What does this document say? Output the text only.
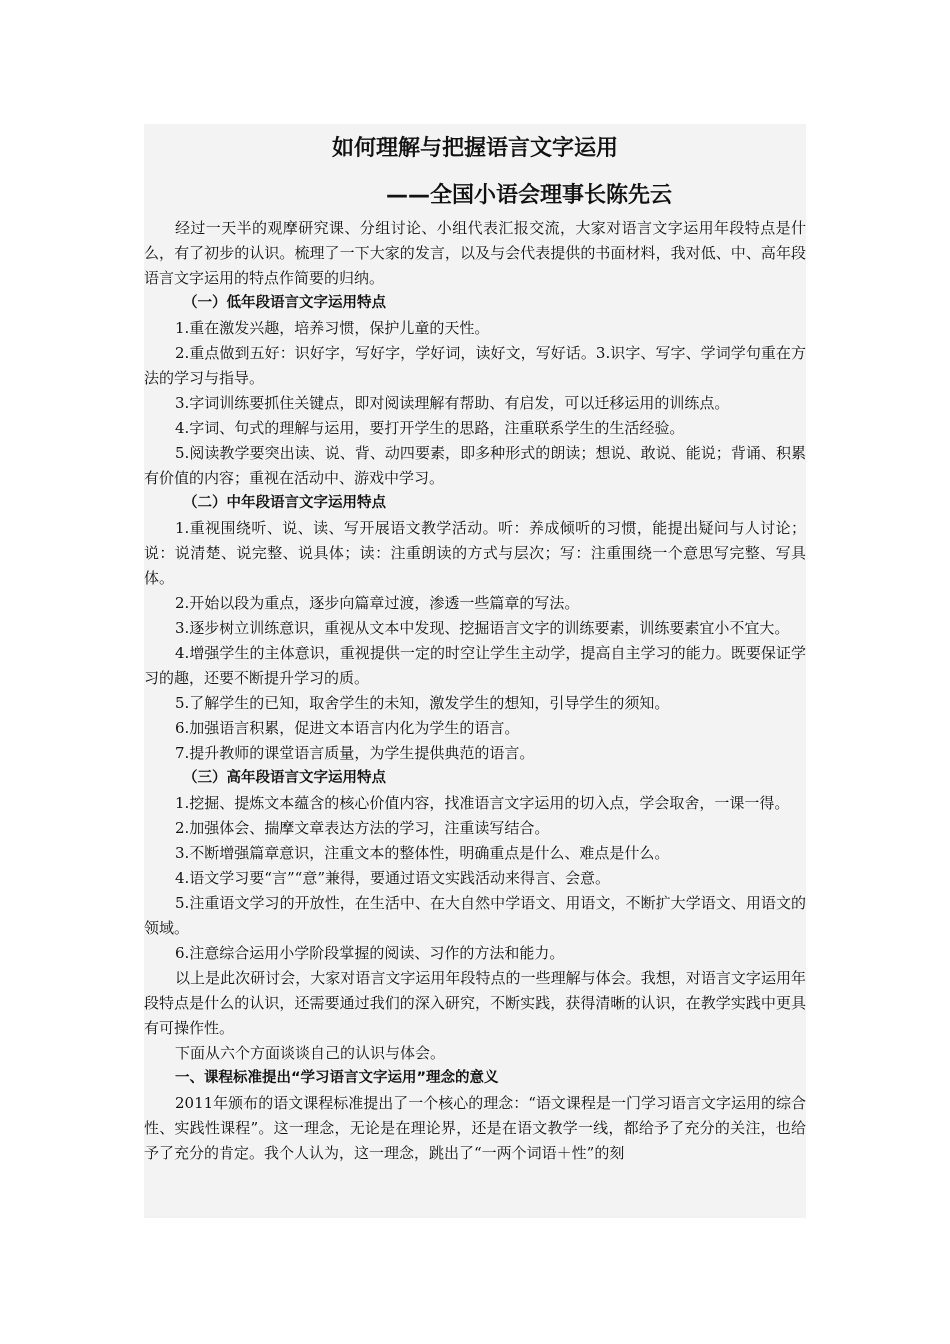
如何理解与把握语言文字运用
——全国小语会理事长陈先云

经过一天半的观摩研究课、分组讨论、小组代表汇报交流，大家对语言文字运用年段特点是什么，有了初步的认识。梳理了一下大家的发言，以及与会代表提供的书面材料，我对低、中、高年段语言文字运用的特点作简要的归纳。

（一）低年段语言文字运用特点

1.重在激发兴趣，培养习惯，保护儿童的天性。

2.重点做到五好：识好字，写好字，学好词，读好文，写好话。3.识字、写字、学词学句重在方法的学习与指导。

3.字词训练要抓住关键点，即对阅读理解有帮助、有启发，可以迁移运用的训练点。

4.字词、句式的理解与运用，要打开学生的思路，注重联系学生的生活经验。

5.阅读教学要突出读、说、背、动四要素，即多种形式的朗读；想说、敢说、能说；背诵、积累有价值的内容；重视在活动中、游戏中学习。

（二）中年段语言文字运用特点

1.重视围绕听、说、读、写开展语文教学活动。听：养成倾听的习惯，能提出疑问与人讨论；说：说清楚、说完整、说具体；读：注重朗读的方式与层次；写：注重围绕一个意思写完整、写具体。

2.开始以段为重点，逐步向篇章过渡，渗透一些篇章的写法。

3.逐步树立训练意识，重视从文本中发现、挖掘语言文字的训练要素，训练要素宜小不宜大。

4.增强学生的主体意识，重视提供一定的时空让学生主动学，提高自主学习的能力。既要保证学习的趣，还要不断提升学习的质。

5.了解学生的已知，取舍学生的未知，激发学生的想知，引导学生的须知。

6.加强语言积累，促进文本语言内化为学生的语言。

7.提升教师的课堂语言质量，为学生提供典范的语言。

（三）高年段语言文字运用特点

1.挖掘、提炼文本蕴含的核心价值内容，找准语言文字运用的切入点，学会取舍，一课一得。

2.加强体会、揣摩文章表达方法的学习，注重读写结合。

3.不断增强篇章意识，注重文本的整体性，明确重点是什么、难点是什么。

4.语文学习要“言”“意”兼得，要通过语文实践活动来得言、会意。

5.注重语文学习的开放性，在生活中、在大自然中学语文、用语文，不断扩大学语文、用语文的领域。

6.注意综合运用小学阶段掌握的阅读、习作的方法和能力。

以上是此次研讨会，大家对语言文字运用年段特点的一些理解与体会。我想，对语言文字运用年段特点是什么的认识，还需要通过我们的深入研究，不断实践，获得清晰的认识，在教学实践中更具有可操作性。

下面从六个方面谈谈自己的认识与体会。

一、课程标准提出“学习语言文字运用”理念的意义

2011年颁布的语文课程标准提出了一个核心的理念：“语文课程是一门学习语言文字运用的综合性、实践性课程”。这一理念，无论是在理论界，还是在语文教学一线，都给予了充分的关注，也给予了充分的肯定。我个人认为，这一理念，跳出了“一两个词语＋性”的刻
